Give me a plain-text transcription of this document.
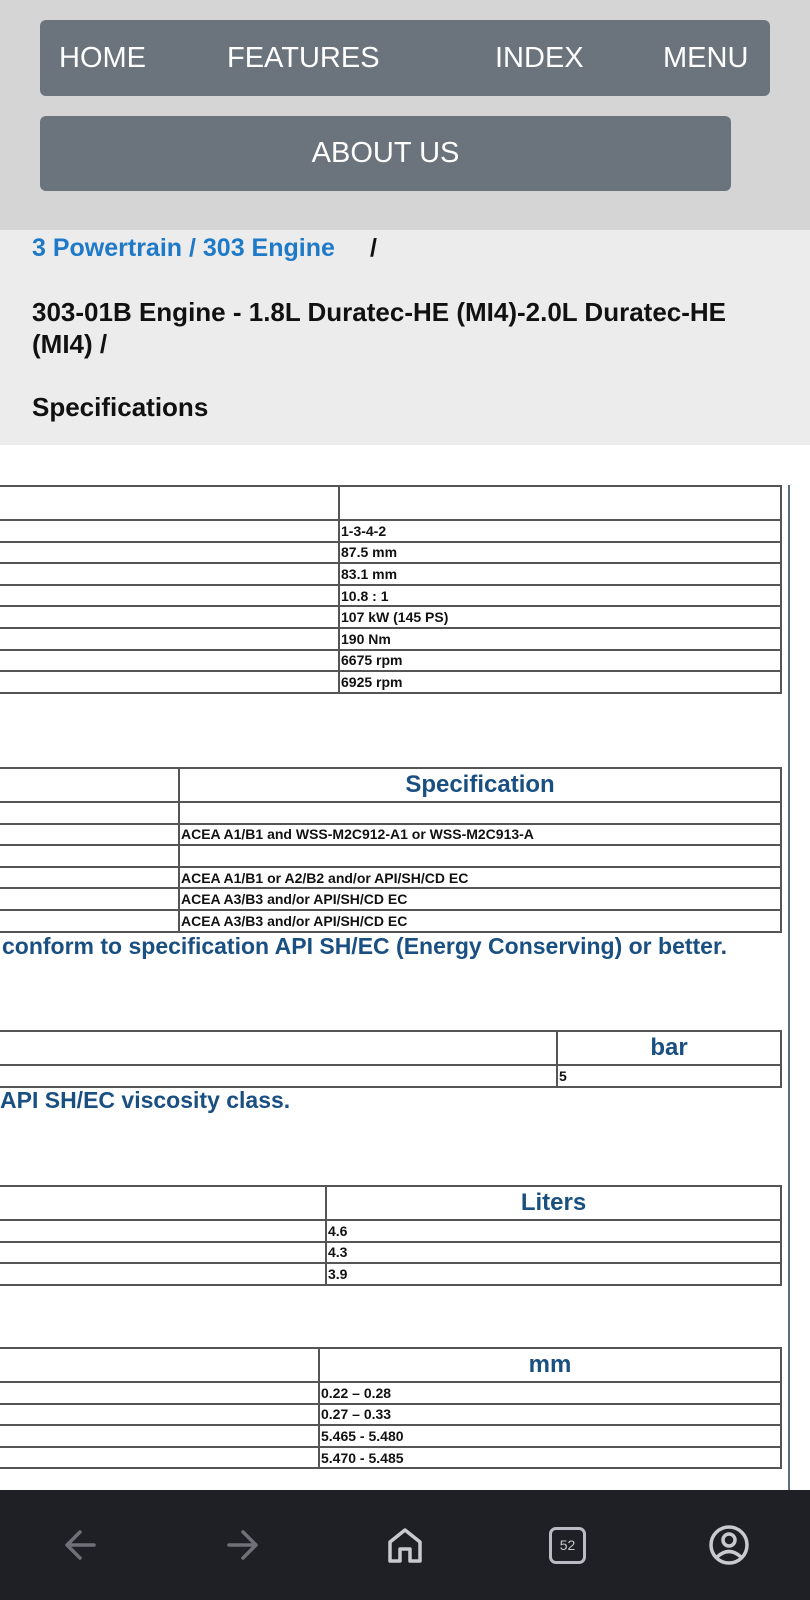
HOME	FEATURES	INDEX	MENU
ABOUT US
3 Powertrain / 303 Engine /
303-01B Engine - 1.8L Duratec-HE (MI4)-2.0L Duratec-HE (MI4) /
Specifications

	1-3-4-2
	87.5 mm
	83.1 mm
	10.8 : 1
	107 kW (145 PS)
	190 Nm
	6675 rpm
	6925 rpm
	Specification

	ACEA A1/B1 and WSS-M2C912-A1 or WSS-M2C913-A

	ACEA A1/B1 or A2/B2 and/or API/SH/CD EC
	ACEA A3/B3 and/or API/SH/CD EC
	ACEA A3/B3 and/or API/SH/CD EC
conform to specification API SH/EC (Energy Conserving) or better.
	bar
	5
API SH/EC viscosity class.
	Liters
	4.6
	4.3
	3.9
	mm
	0.22 – 0.28
	0.27 – 0.33
	5.465 - 5.480
	5.470 - 5.485
52
